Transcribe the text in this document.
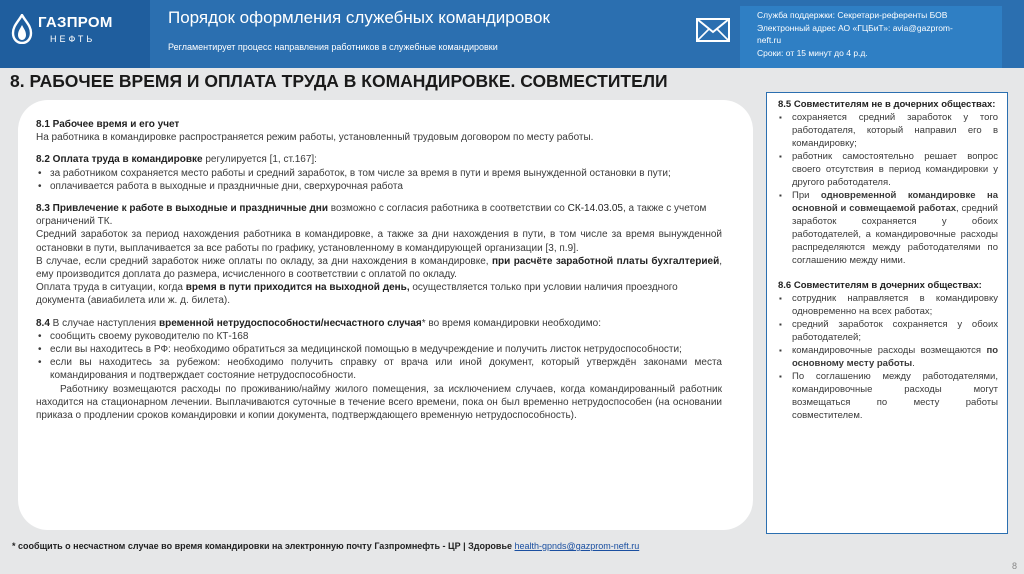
ГАЗПРОМ
НЕФТЬ
Порядок оформления служебных командировок
Регламентирует процесс направления работников в служебные командировки
Служба поддержки: Секретари-референты БОВ
Электронный адрес АО «ГЦБиТ»: avia@gazprom-
neft.ru
Сроки: от 15 минут до 4 р.д.
8. РАБОЧЕЕ ВРЕМЯ И ОПЛАТА ТРУДА В КОМАНДИРОВКЕ. СОВМЕСТИТЕЛИ

8.1 Рабочее время и его учет

На работника в командировке распространяется режим работы, установленный трудовым договором по месту работы.

8.2 Оплата труда в командировке регулируется [1, ст.167]:

• за работником сохраняется место работы и средний заработок, в том числе за время в пути и время вынужденной остановки в пути;
• оплачивается работа в выходные и праздничные дни, сверхурочная работа

8.3 Привлечение к работе в выходные и праздничные дни возможно с согласия работника в соответствии со СК-14.03.05, а также с учетом ограничений ТК.

Средний заработок за период нахождения работника в командировке, а также за дни нахождения в пути, в том числе за время вынужденной остановки в пути, выплачивается за все работы по графику, установленному в командирующей организации [3, п.9].

В случае, если средний заработок ниже оплаты по окладу, за дни нахождения в командировке, при расчёте заработной платы бухгалтерией, ему производится доплата до размера, исчисленного в соответствии с оплатой по окладу.

Оплата труда в ситуации, когда время в пути приходится на выходной день, осуществляется только при условии наличия проездного документа (авиабилета или ж. д. билета).

8.4 В случае наступления временной нетрудоспособности/несчастного случая* во время командировки необходимо:

• сообщить своему руководителю по КТ-168
• если вы находитесь в РФ: необходимо обратиться за медицинской помощью в медучреждение и получить листок нетрудоспособности;
• если вы находитесь за рубежом: необходимо получить справку от врача или иной документ, который утверждён законами места командирования и подтверждает состояние нетрудоспособности.

Работнику возмещаются расходы по проживанию/найму жилого помещения, за исключением случаев, когда командированный работник находится на стационарном лечении. Выплачиваются суточные в течение всего времени, пока он был временно нетрудоспособен (на основании приказа о продлении сроков командировки и копии документа, подтверждающего временную нетрудоспособность).

8.5 Совместителям не в дочерних обществах:

▪ сохраняется средний заработок у того работодателя, который направил его в командировку;
▪ работник самостоятельно решает вопрос своего отсутствия в период командировки у другого работодателя.
▪ При одновременной командировке на основной и совмещаемой работах, средний заработок сохраняется у обоих работодателей, а командировочные расходы распределяются между работодателями по соглашению между ними.

8.6 Совместителям в дочерних обществах:

▪ сотрудник направляется в командировку одновременно на всех работах;
▪ средний заработок сохраняется у обоих работодателей;
▪ командировочные расходы возмещаются по основному месту работы.
▪ По соглашению между работодателями, командировочные расходы могут возмещаться по месту работы совместителем.
* сообщить о несчастном случае во время командировки на электронную почту Газпромнефть - ЦР | Здоровье health-gpnds@gazprom-neft.ru
8
